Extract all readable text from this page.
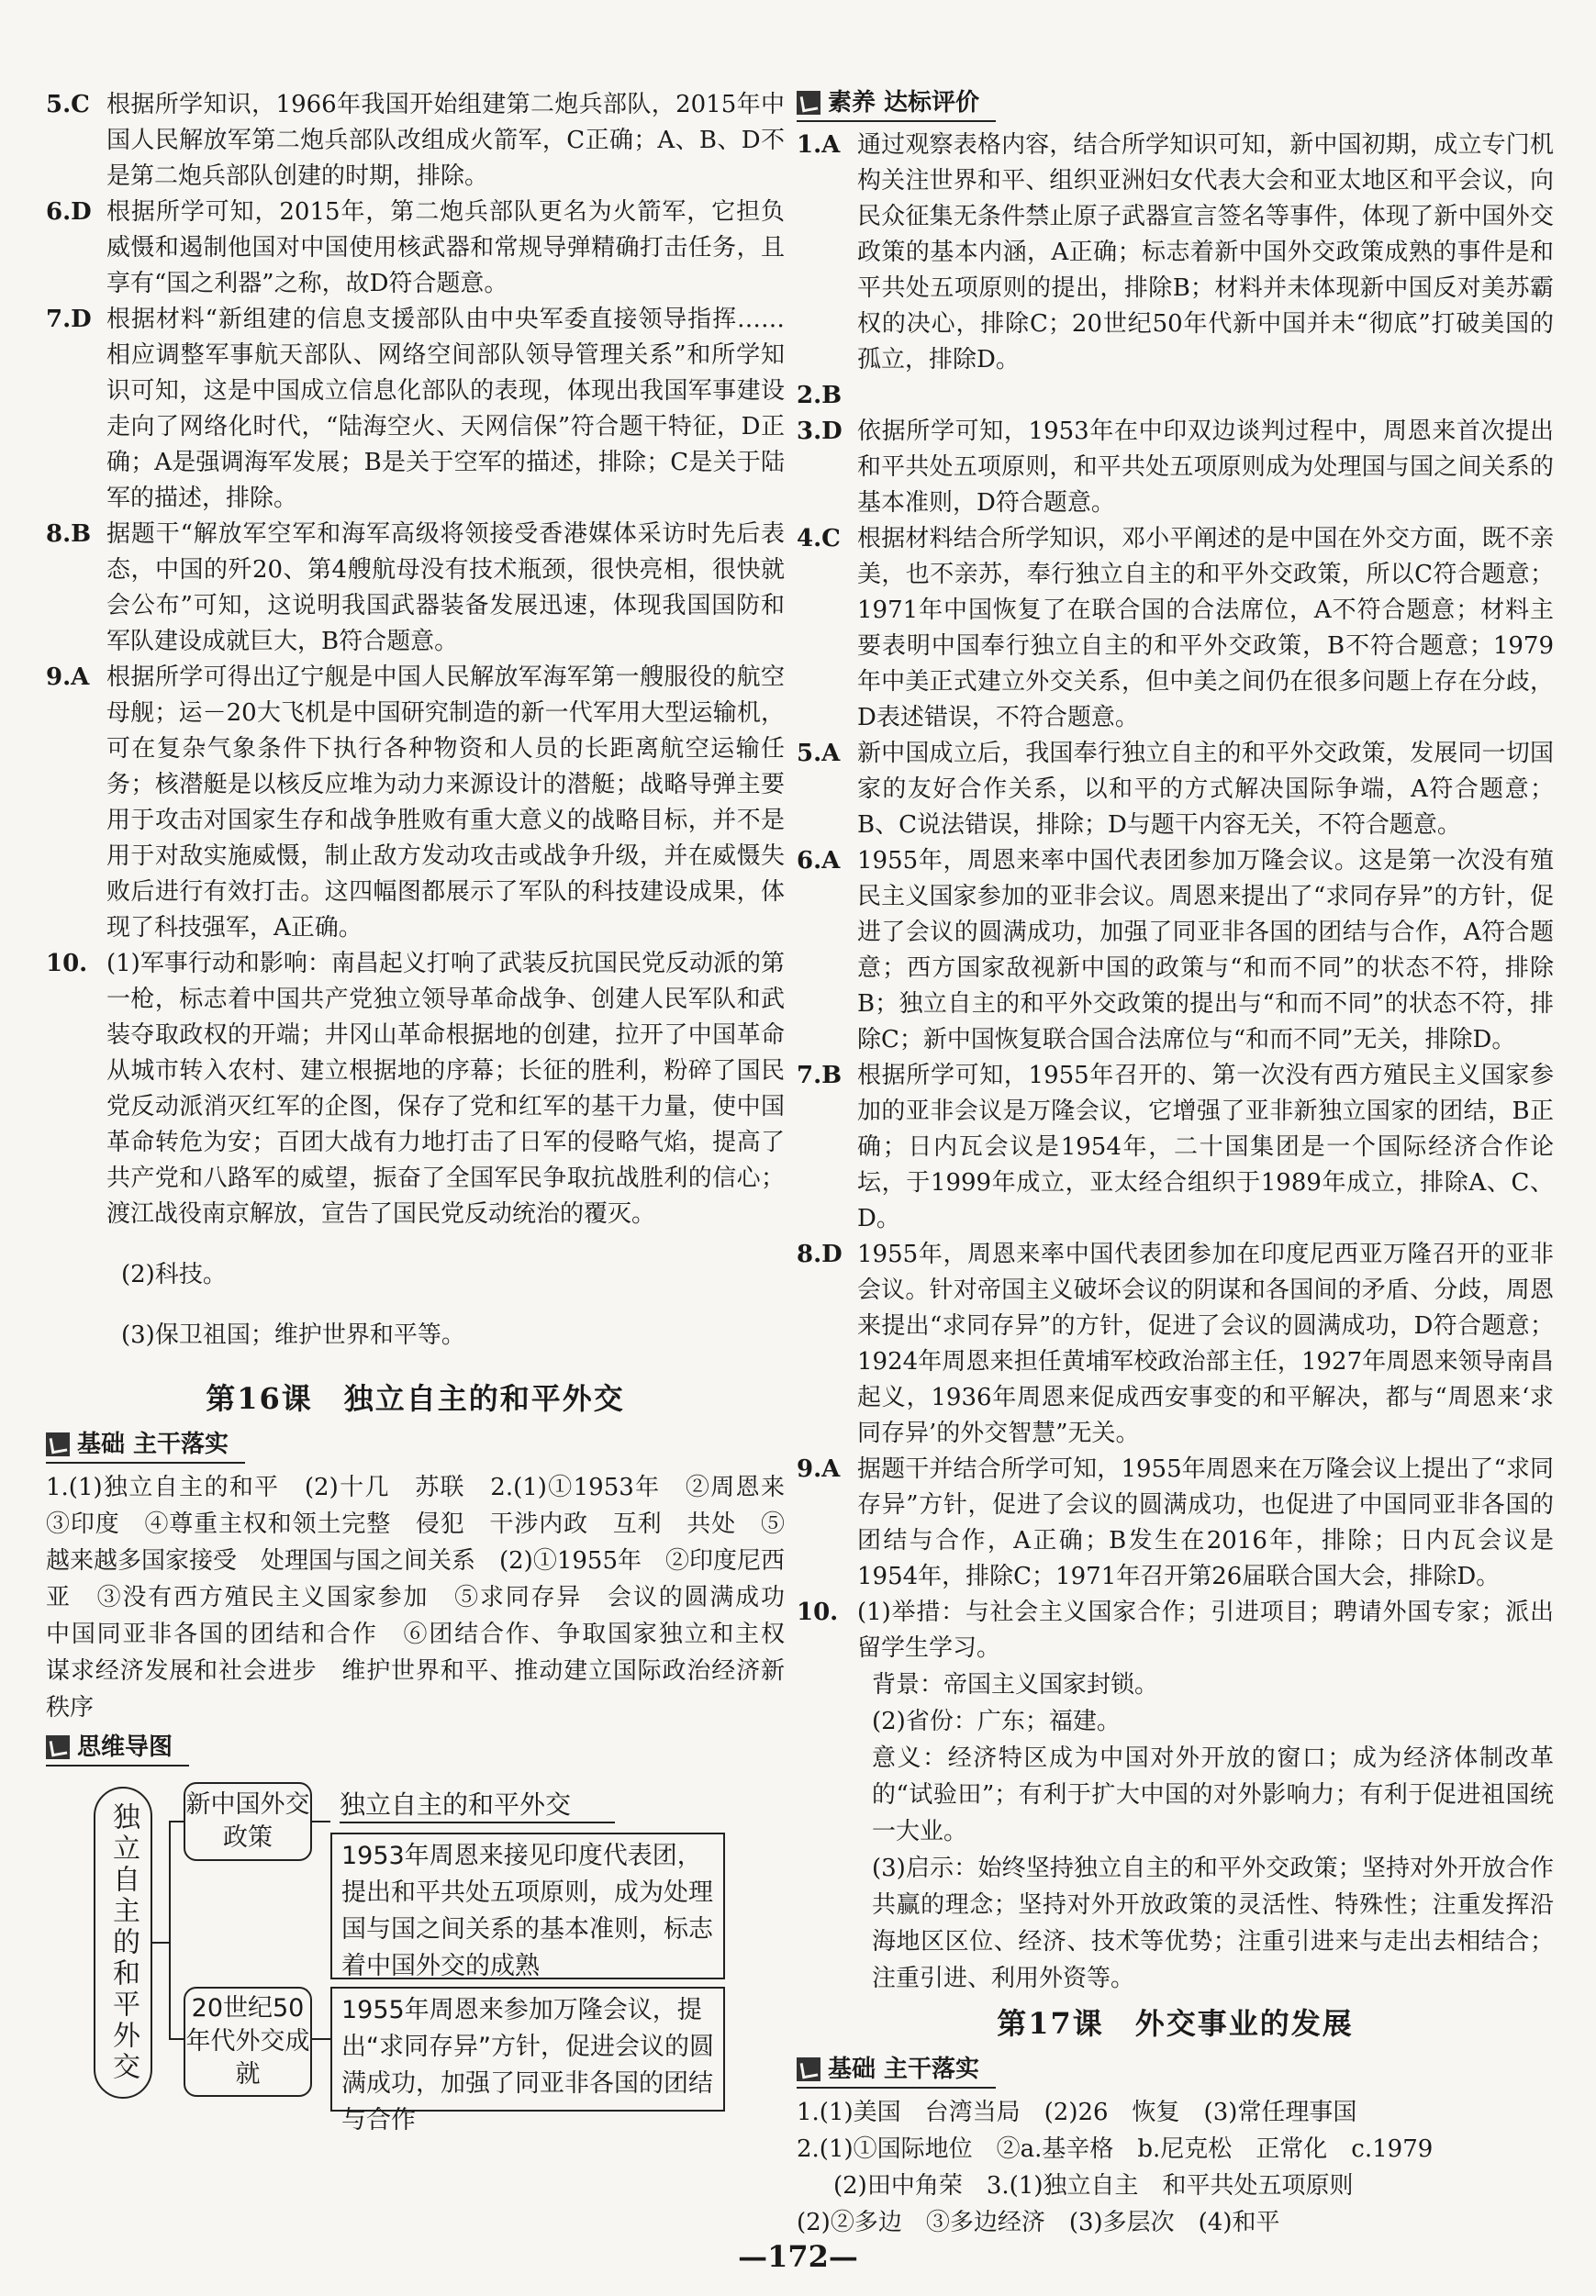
5.C 根据所学知识，1966年我国开始组建第二炮兵部队，2015年中国人民解放军第二炮兵部队改组成火箭军，C正确；A、B、D不是第二炮兵部队创建的时期，排除。
6.D 根据所学可知，2015年，第二炮兵部队更名为火箭军，它担负威慑和遏制他国对中国使用核武器和常规导弹精确打击任务，且享有“国之利器”之称，故D符合题意。
7.D 根据材料“新组建的信息支援部队由中央军委直接领导指挥……相应调整军事航天部队、网络空间部队领导管理关系”和所学知识可知，这是中国成立信息化部队的表现，体现出我国军事建设走向了网络化时代，“陆海空火、天网信保”符合题干特征，D正确；A是强调海军发展；B是关于空军的描述，排除；C是关于陆军的描述，排除。
8.B 据题干“解放军空军和海军高级将领接受香港媒体采访时先后表态，中国的歼20、第4艘航母没有技术瓶颈，很快亮相，很快就会公布”可知，这说明我国武器装备发展迅速，体现我国国防和军队建设成就巨大，B符合题意。
9.A 根据所学可得出辽宁舰是中国人民解放军海军第一艘服役的航空母舰；运－20大飞机是中国研究制造的新一代军用大型运输机，可在复杂气象条件下执行各种物资和人员的长距离航空运输任务；核潜艇是以核反应堆为动力来源设计的潜艇；战略导弹主要用于攻击对国家生存和战争胜败有重大意义的战略目标，并不是用于对敌实施威慑，制止敌方发动攻击或战争升级，并在威慑失败后进行有效打击。这四幅图都展示了军队的科技建设成果，体现了科技强军，A正确。
10. (1)军事行动和影响：南昌起义打响了武装反抗国民党反动派的第一枪，标志着中国共产党独立领导革命战争、创建人民军队和武装夺取政权的开端；井冈山革命根据地的创建，拉开了中国革命从城市转入农村、建立根据地的序幕；长征的胜利，粉碎了国民党反动派消灭红军的企图，保存了党和红军的基干力量，使中国革命转危为安；百团大战有力地打击了日军的侵略气焰，提高了共产党和八路军的威望，振奋了全国军民争取抗战胜利的信心；渡江战役南京解放，宣告了国民党反动统治的覆灭。

(2)科技。

(3)保卫祖国；维护世界和平等。

第16课　独立自主的和平外交
基础 主干落实

1.(1)独立自主的和平　(2)十几　苏联　2.(1)①1953年　②周恩来　③印度　④尊重主权和领土完整　侵犯　干涉内政　互利　共处　⑤越来越多国家接受　处理国与国之间关系　(2)①1955年　②印度尼西亚　③没有西方殖民主义国家参加　⑤求同存异　会议的圆满成功　中国同亚非各国的团结和合作　⑥团结合作、争取国家独立和主权　谋求经济发展和社会进步　维护世界和平、推动建立国际政治经济新秩序

思维导图
独立自主的和平外交 新中国外交政策
独立自主的和平外交
1953年周恩来接见印度代表团，提出和平共处五项原则，成为处理国与国之间关系的基本准则，标志着中国外交的成熟
20世纪50年代外交成就
1955年周恩来参加万隆会议，提出“求同存异”方针，促进会议的圆满成功，加强了同亚非各国的团结与合作
素养 达标评价
1.A 通过观察表格内容，结合所学知识可知，新中国初期，成立专门机构关注世界和平、组织亚洲妇女代表大会和亚太地区和平会议，向民众征集无条件禁止原子武器宣言签名等事件，体现了新中国外交政策的基本内涵，A正确；标志着新中国外交政策成熟的事件是和平共处五项原则的提出，排除B；材料并未体现新中国反对美苏霸权的决心，排除C；20世纪50年代新中国并未“彻底”打破美国的孤立，排除D。
2.B
3.D 依据所学可知，1953年在中印双边谈判过程中，周恩来首次提出和平共处五项原则，和平共处五项原则成为处理国与国之间关系的基本准则，D符合题意。
4.C 根据材料结合所学知识，邓小平阐述的是中国在外交方面，既不亲美，也不亲苏，奉行独立自主的和平外交政策，所以C符合题意；1971年中国恢复了在联合国的合法席位，A不符合题意；材料主要表明中国奉行独立自主的和平外交政策，B不符合题意；1979年中美正式建立外交关系，但中美之间仍在很多问题上存在分歧，D表述错误，不符合题意。
5.A 新中国成立后，我国奉行独立自主的和平外交政策，发展同一切国家的友好合作关系，以和平的方式解决国际争端，A符合题意；B、C说法错误，排除；D与题干内容无关，不符合题意。
6.A 1955年，周恩来率中国代表团参加万隆会议。这是第一次没有殖民主义国家参加的亚非会议。周恩来提出了“求同存异”的方针，促进了会议的圆满成功，加强了同亚非各国的团结与合作，A符合题意；西方国家敌视新中国的政策与“和而不同”的状态不符，排除B；独立自主的和平外交政策的提出与“和而不同”的状态不符，排除C；新中国恢复联合国合法席位与“和而不同”无关，排除D。
7.B 根据所学可知，1955年召开的、第一次没有西方殖民主义国家参加的亚非会议是万隆会议，它增强了亚非新独立国家的团结，B正确；日内瓦会议是1954年，二十国集团是一个国际经济合作论坛，于1999年成立，亚太经合组织于1989年成立，排除A、C、D。
8.D 1955年，周恩来率中国代表团参加在印度尼西亚万隆召开的亚非会议。针对帝国主义破坏会议的阴谋和各国间的矛盾、分歧，周恩来提出“求同存异”的方针，促进了会议的圆满成功，D符合题意；1924年周恩来担任黄埔军校政治部主任，1927年周恩来领导南昌起义，1936年周恩来促成西安事变的和平解决，都与“周恩来‘求同存异’的外交智慧”无关。
9.A 据题干并结合所学可知，1955年周恩来在万隆会议上提出了“求同存异”方针，促进了会议的圆满成功，也促进了中国同亚非各国的团结与合作，A正确；B发生在2016年，排除；日内瓦会议是1954年，排除C；1971年召开第26届联合国大会，排除D。
10. (1)举措：与社会主义国家合作；引进项目；聘请外国专家；派出留学生学习。

背景：帝国主义国家封锁。

(2)省份：广东；福建。

意义：经济特区成为中国对外开放的窗口；成为经济体制改革的“试验田”；有利于扩大中国的对外影响力；有利于促进祖国统一大业。

(3)启示：始终坚持独立自主的和平外交政策；坚持对外开放合作共赢的理念；坚持对外开放政策的灵活性、特殊性；注重发挥沿海地区区位、经济、技术等优势；注重引进来与走出去相结合；注重引进、利用外资等。

第17课　外交事业的发展
基础 主干落实

1.(1)美国　台湾当局　(2)26　恢复　(3)常任理事国

2.(1)①国际地位　②a.基辛格　b.尼克松　正常化　c.1979

(2)田中角荣　3.(1)独立自主　和平共处五项原则

(2)②多边　③多边经济　(3)多层次　(4)和平

—172—
